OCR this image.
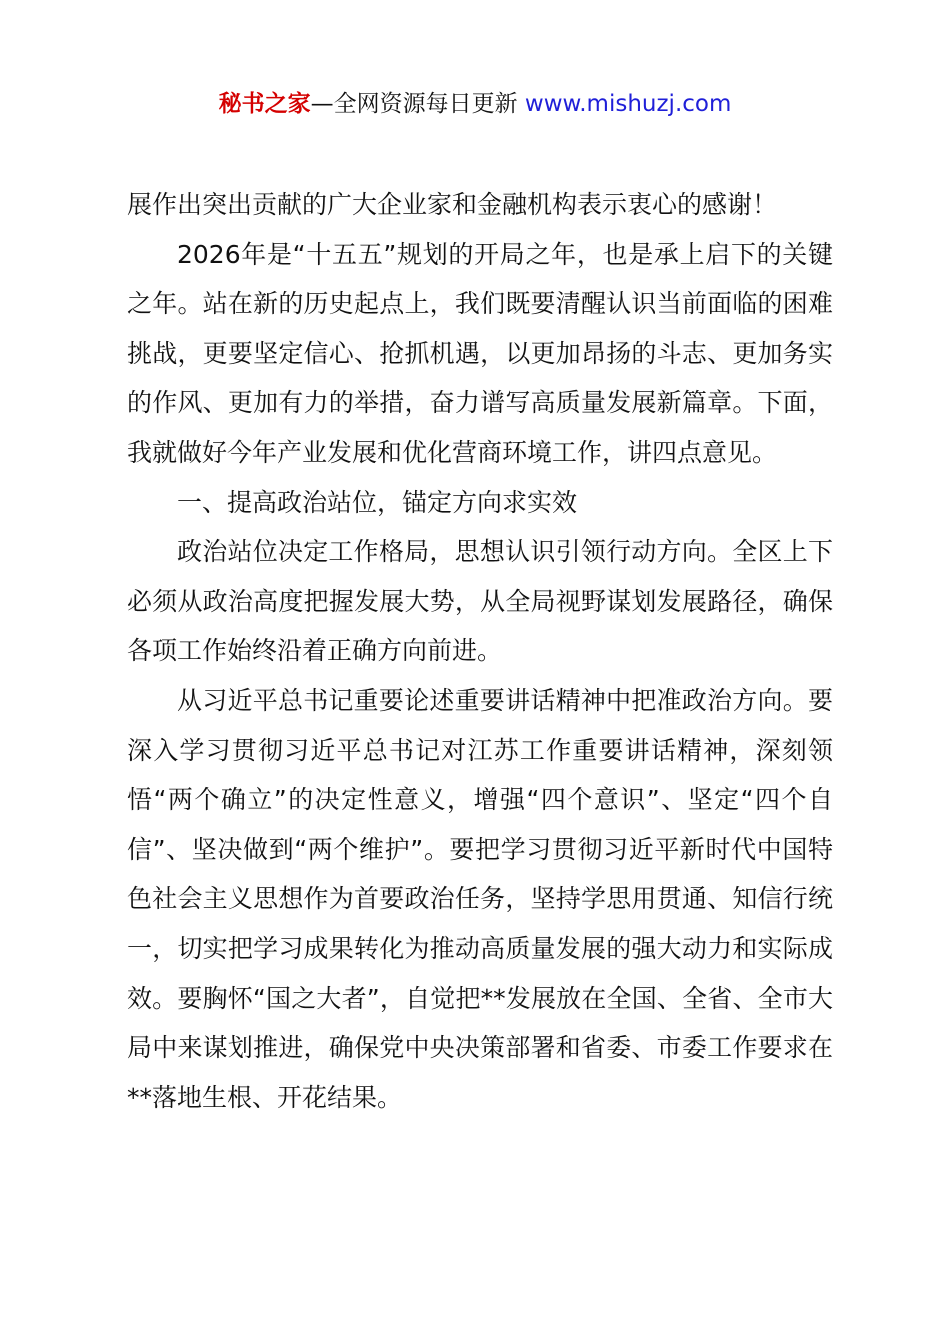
秘书之家—全网资源每日更新 www.mishuzj.com

展作出突出贡献的广大企业家和金融机构表示衷心的感谢！

2026年是“十五五”规划的开局之年，也是承上启下的关键之年。站在新的历史起点上，我们既要清醒认识当前面临的困难挑战，更要坚定信心、抢抓机遇，以更加昂扬的斗志、更加务实的作风、更加有力的举措，奋力谱写高质量发展新篇章。下面，我就做好今年产业发展和优化营商环境工作，讲四点意见。

一、提高政治站位，锚定方向求实效

政治站位决定工作格局，思想认识引领行动方向。全区上下必须从政治高度把握发展大势，从全局视野谋划发展路径，确保各项工作始终沿着正确方向前进。

从习近平总书记重要论述重要讲话精神中把准政治方向。要深入学习贯彻习近平总书记对江苏工作重要讲话精神，深刻领悟“两个确立”的决定性意义，增强“四个意识”、坚定“四个自信”、坚决做到“两个维护”。要把学习贯彻习近平新时代中国特色社会主义思想作为首要政治任务，坚持学思用贯通、知信行统一，切实把学习成果转化为推动高质量发展的强大动力和实际成效。要胸怀“国之大者”，自觉把**发展放在全国、全省、全市大局中来谋划推进，确保党中央决策部署和省委、市委工作要求在**落地生根、开花结果。
